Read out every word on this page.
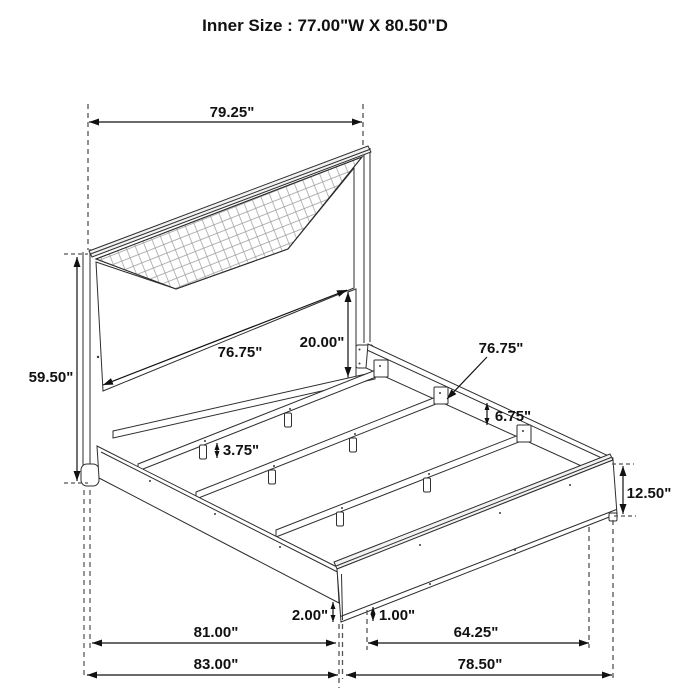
79.25"
59.50"
76.75"
20.00"	76.75"
6.75"
3.75"
12.50"
2.00"	1.00"
81.00"	64.25"
83.00"	78.50"
Inner Size : 77.00"W X 80.50"D
